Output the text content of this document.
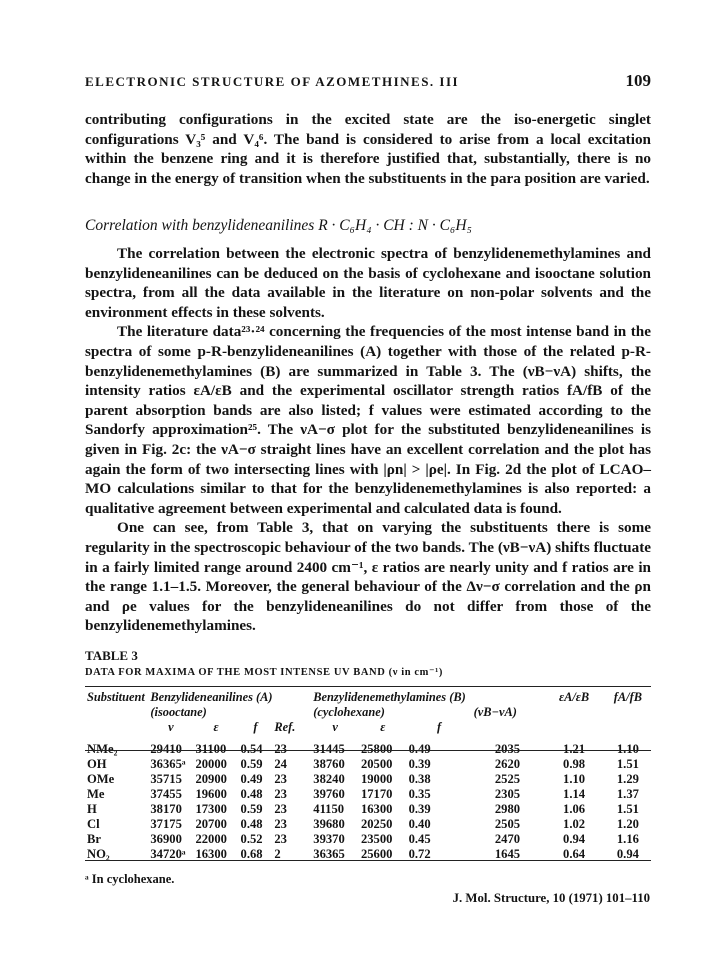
ELECTRONIC STRUCTURE OF AZOMETHINES. III	109

contributing configurations in the excited state are the iso-energetic singlet configurations V₃⁵ and V₄⁶. The band is considered to arise from a local excitation within the benzene ring and it is therefore justified that, substantially, there is no change in the energy of transition when the substituents in the para position are varied.

Correlation with benzylideneanilines R · C₆H₄ · CH : N · C₆H₅

The correlation between the electronic spectra of benzylidenemethylamines and benzylideneanilines can be deduced on the basis of cyclohexane and isooctane solution spectra, from all the data available in the literature on non-polar solvents and the environment effects in these solvents.

The literature data²³·²⁴ concerning the frequencies of the most intense band in the spectra of some p-R-benzylideneanilines (A) together with those of the related p-R-benzylidenemethylamines (B) are summarized in Table 3. The (νB−νA) shifts, the intensity ratios εA/εB and the experimental oscillator strength ratios fA/fB of the parent absorption bands are also listed; f values were estimated according to the Sandorfy approximation²⁵. The νA−σ plot for the substituted benzylideneanilines is given in Fig. 2c: the νA−σ straight lines have an excellent correlation and the plot has again the form of two intersecting lines with |ρn| > |ρe|. In Fig. 2d the plot of LCAO–MO calculations similar to that for the benzylidenemethylamines is also reported: a qualitative agreement between experimental and calculated data is found.

One can see, from Table 3, that on varying the substituents there is some regularity in the spectroscopic behaviour of the two bands. The (νB−νA) shifts fluctuate in a fairly limited range around 2400 cm⁻¹, ε ratios are nearly unity and f ratios are in the range 1.1–1.5. Moreover, the general behaviour of the Δν−σ correlation and the ρn and ρe values for the benzylideneanilines do not differ from those of the benzylidenemethylamines.

TABLE 3
DATA FOR MAXIMA OF THE MOST INTENSE UV BAND (ν in cm⁻¹)
Substituent	Benzylideneanilines (A)
(isooctane)				Benzylidenemethylamines (B)
(cyclohexane)			(νB−νA)	εA/εB	fA/fB
	ν	ε	f	Ref.	ν	ε	f			
NMe₂	29410	31100	0.54	23	31445	25800	0.49	2035	1.21	1.10
OH	36365ᵃ	20000	0.59	24	38760	20500	0.39	2620	0.98	1.51
OMe	35715	20900	0.49	23	38240	19000	0.38	2525	1.10	1.29
Me	37455	19600	0.48	23	39760	17170	0.35	2305	1.14	1.37
H	38170	17300	0.59	23	41150	16300	0.39	2980	1.06	1.51
Cl	37175	20700	0.48	23	39680	20250	0.40	2505	1.02	1.20
Br	36900	22000	0.52	23	39370	23500	0.45	2470	0.94	1.16
NO₂	34720ᵃ	16300	0.68	2	36365	25600	0.72	1645	0.64	0.94
ᵃ In cyclohexane.
J. Mol. Structure, 10 (1971) 101–110
